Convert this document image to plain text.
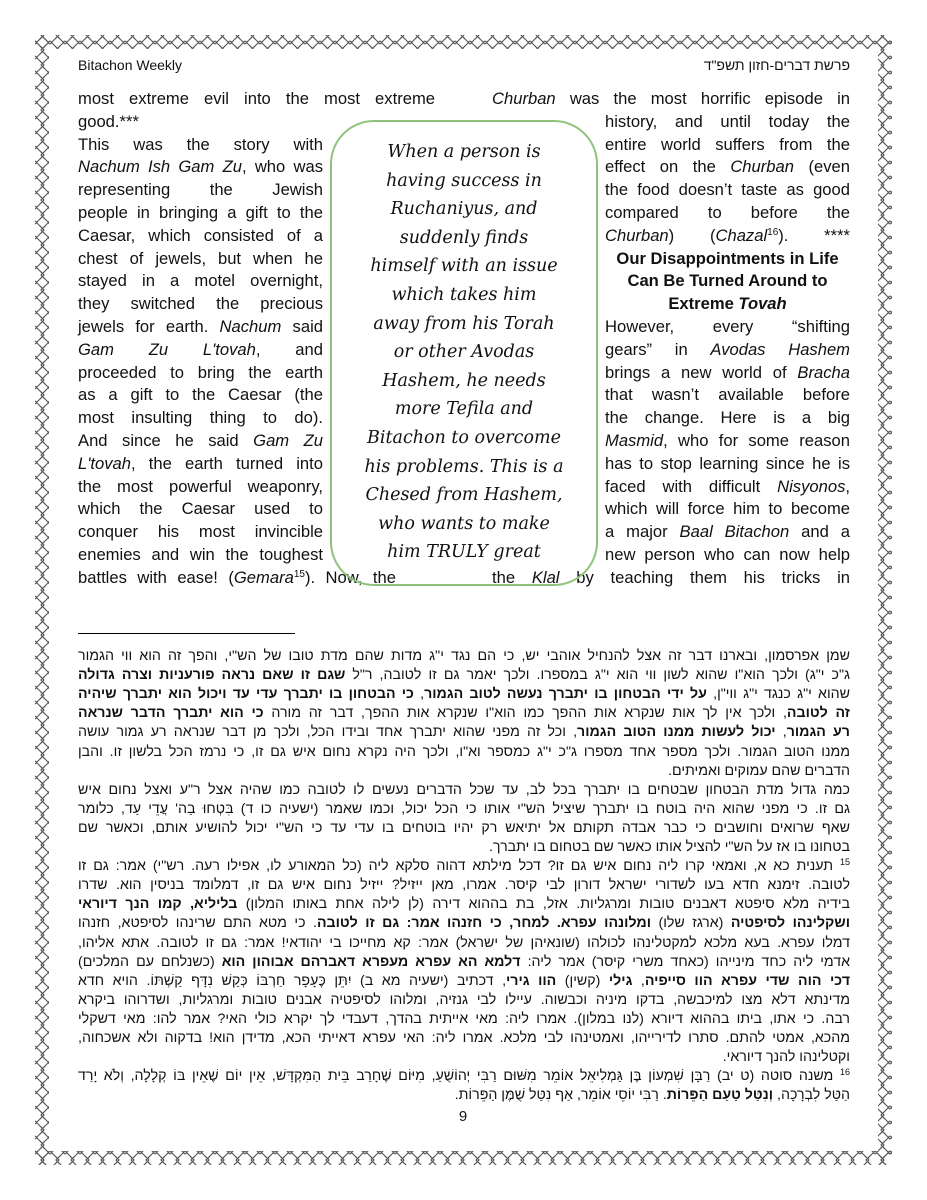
Bitachon Weekly	פרשת דברים-חזון תשפ"ד
most extreme evil into the most extreme
good.***
This was the story with
Nachum Ish Gam Zu, who was
representing the Jewish
people in bringing a gift to the
Caesar, which consisted of a
chest of jewels, but when he
stayed in a motel overnight,
they switched the precious
jewels for earth. Nachum said
Gam Zu L'tovah, and
proceeded to bring the earth
as a gift to the Caesar (the
most insulting thing to do).
And since he said Gam Zu
L'tovah, the earth turned into
the most powerful weaponry,
which the Caesar used to
conquer his most invincible
enemies and win the toughest
battles with ease! (Gemara$^{15}$). Now, the
Churban was the most horrific episode in
history, and until today the
entire world suffers from the
effect on the Churban (even
the food doesn’t taste as good
compared to before the
Churban) (Chazal$^{16}$). ****
Our Disappointments in Life
Can Be Turned Around to
Extreme Tovah
However, every “shifting
gears” in Avodas Hashem
brings a new world of Bracha
that wasn’t available before
the change. Here is a big
Masmid, who for some reason
has to stop learning since he is
faced with difficult Nisyonos,
which will force him to become
a major Baal Bitachon and a
new person who can now help
the Klal by teaching them his tricks in
When a person is
having success in
Ruchaniyus, and
suddenly finds
himself with an issue
which takes him
away from his Torah
or other Avodas
Hashem, he needs
more Tefila and
Bitachon to overcome
his problems. This is a
Chesed from Hashem,
who wants to make
him TRULY great
שמן אפרסמון, ובארנו דבר זה אצל להנחיל אוהבי יש, כי הם נגד י"ג מדות שהם מדת טובו של הש"י, והפך זה הוא ווי הגמור
ג"כ י"ג) ולכך הוא"ו שהוא לשון ווי הוא י"ג במספרו. ולכך יאמר גם זו לטובה, ר"ל שגם זו שאם נראה פורעניות וצרה גדולה
שהוא י"ג כנגד י"ג ווי"ן, על ידי הבטחון בו יתברך נעשה לטוב הגמור, כי הבטחון בו יתברך עדי עד ויכול הוא יתברך שיהיה
זה לטובה, ולכך אין לך אות שנקרא אות ההפך כמו הוא"ו שנקרא אות ההפך, דבר זה מורה כי הוא יתברך הדבר שנראה
רע הגמור, יכול לעשות ממנו הטוב הגמור, וכל זה מפני שהוא יתברך אחד ובידו הכל, ולכך מן דבר שנראה רע גמור עושה
ממנו הטוב הגמור. ולכך מספר אחד מספרו ג"כ י"ג כמספר וא"ו, ולכך היה נקרא נחום איש גם זו, כי נרמז הכל בלשון זו. והבן
הדברים שהם עמוקים ואמיתים.
כמה גדול מדת הבטחון שבטחים בו יתברך בכל לב, עד שכל הדברים נעשים לו לטובה כמו שהיה אצל ר"ע ואצל נחום איש
גם זו. כי מפני שהוא היה בוטח בו יתברך שיציל הש"י אותו כי הכל יכול, וכמו שאמר (ישעיה כו ד) בִּטְחוּ בַה' עֲדֵי עַד, כלומר
שאף שרואים וחושבים כי כבר אבדה תקותם אל יתיאש רק יהיו בוטחים בו עדי עד כי הש"י יכול להושיע אותם, וכאשר שם
בטחונו בו אז על הש"י להציל אותו כאשר שם בטחום בו יתברך.
$^{15}$ תענית כא א, ואמאי קרו ליה נחום איש גם זו? דכל מילתא דהוה סלקא ליה (כל המאורע לו, אפילו רעה. רש"י) אמר: גם זו
לטובה. זימנא חדא בעו לשדורי ישראל דורון לבי קיסר. אמרו, מאן ייזיל? ייזיל נחום איש גם זו, דמלומד בניסין הוא. שדרו
בידיה מלא סיפטא דאבנים טובות ומרגליות. אזל, בת בההוא דירה (לן לילה אחת באותו המלון) בליליא, קמו הנך דיוראי
ושקלינהו לסיפטיה (ארגז שלו) ומלונהו עפרא. למחר, כי חזנהו אמר: גם זו לטובה. כי מטא התם שרינהו לסיפטא, חזנהו
דמלו עפרא. בעא מלכא למקטלינהו לכולהו (שונאיהן של ישראל) אמר: קא מחייכו בי יהודאי! אמר: גם זו לטובה. אתא אליהו,
אדמי ליה כחד מינייהו (כאחד משרי קיסר) אמר ליה: דלמא הא עפרא מעפרא דאברהם אבוהון הוא (כשנלחם עם המלכים)
דכי הוה שדי עפרא הוו סייפיה, גילי (קשין) הוו גירי, דכתיב (ישעיה מא ב) יִתֵּן כֶּעָפָר חַרְבּוֹ כְּקַשׁ נִדָּף קַשְׁתּוֹ. הויא חדא
מדינתא דלא מצו למיכבשה, בדקו מיניה וכבשוה. עיילו לבי גנזיה, ומלוהו לסיפטיה אבנים טובות ומרגליות, ושדרוהו ביקרא
רבה. כי אתו, ביתו בההוא דיורא (לנו במלון). אמרו ליה: מאי אייתית בהדך, דעבדי לך יקרא כולי האי? אמר להו: מאי דשקלי
מהכא, אמטי להתם. סתרו לדירייהו, ואמטינהו לבי מלכא. אמרו ליה: האי עפרא דאייתי הכא, מדידן הוא! בדקוה ולא אשכחוה,
וקטלינהו להנך דיוראי.
$^{16}$ משנה סוטה (ט יב) רַבָּן שִׁמְעוֹן בֶּן גַּמְלִיאֵל אוֹמֵר מִשּׁוּם רַבִּי יְהוֹשֻׁעַ, מִיּוֹם שֶׁחָרַב בֵּית הַמִּקְדָּשׁ, אֵין יוֹם שֶׁאֵין בּוֹ קְלָלָה, וְלֹא יָרַד
הַטַּל לִבְרָכָה, וְנִטַּל טַעַם הַפֵּרוֹת. רַבִּי יוֹסֵי אוֹמֵר, אַף נִטַּל שֻׁמֶּן הַפֵּרוֹת.
9
